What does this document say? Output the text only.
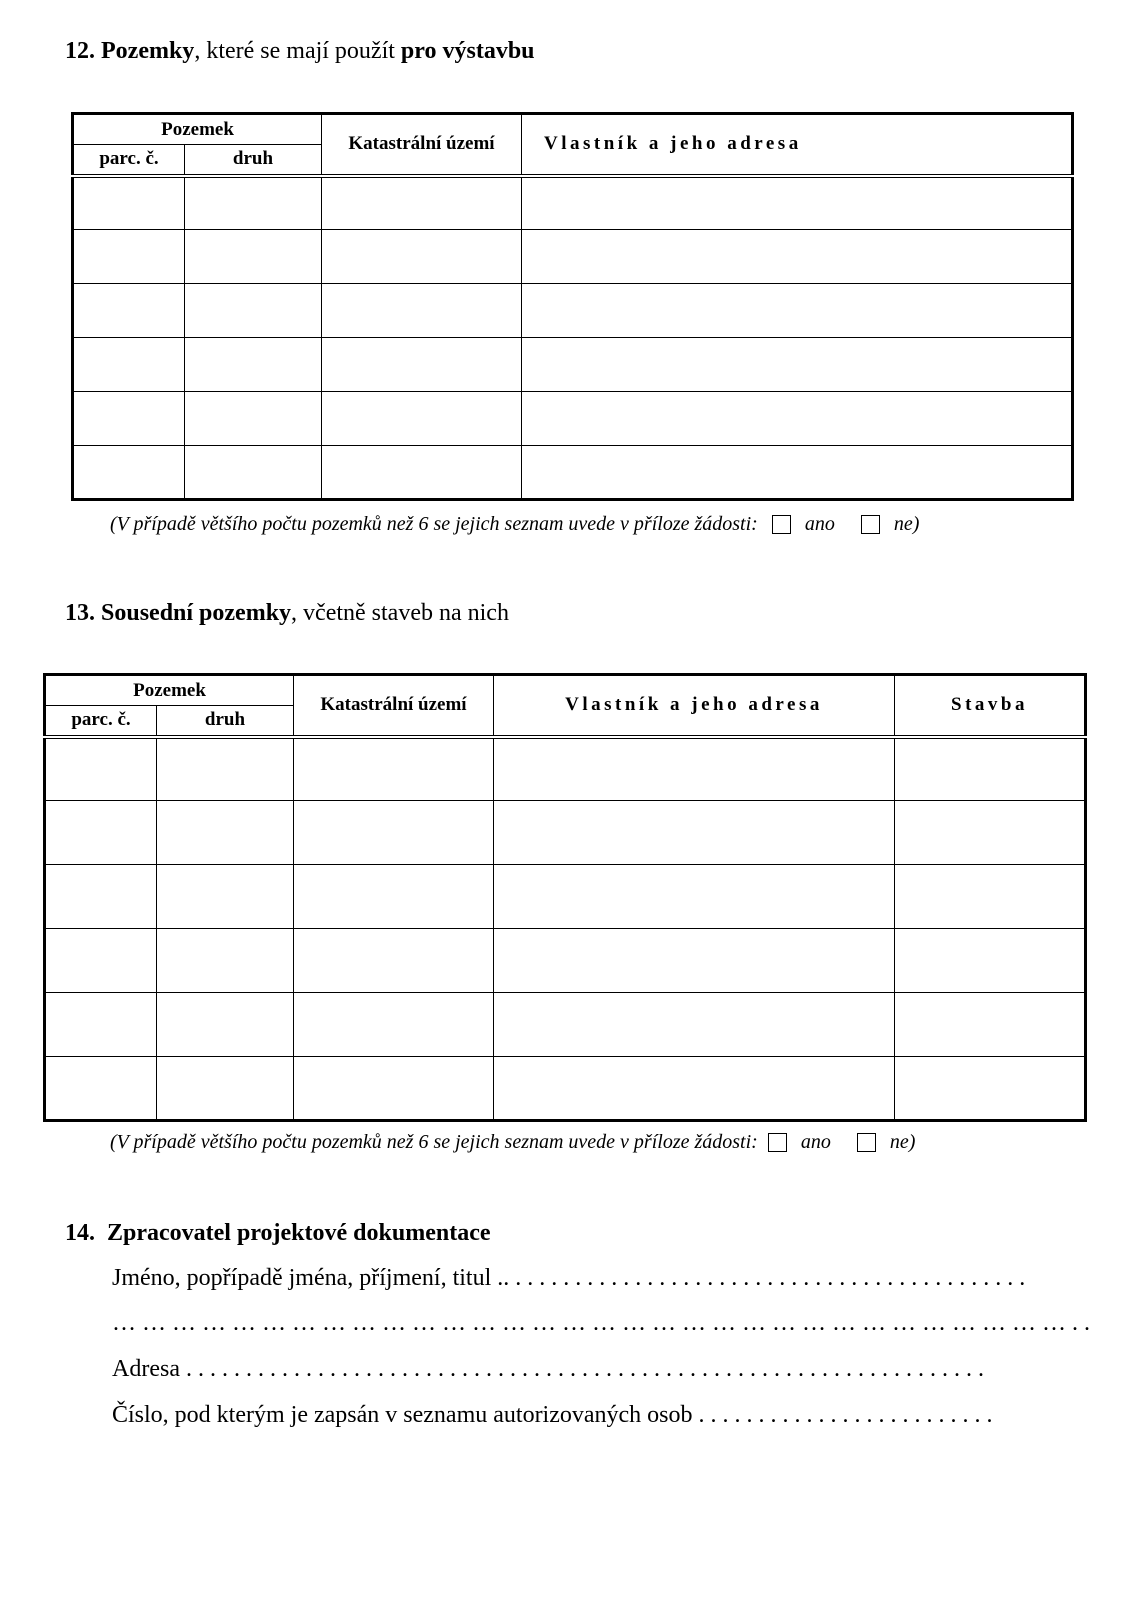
12. Pozemky, které se mají použít pro výstavbu
Pozemek		Katastrální území	Vlastník a jeho adresa
parc. č.	druh		

(V případě většího počtu pozemků než 6 se jejich seznam uvede v příloze žádosti: ano	ne)
13. Sousední pozemky, včetně staveb na nich
Pozemek		Katastrální území	Vlastník a jeho adresa	Stavba
parc. č.	druh			

(V případě většího počtu pozemků než 6 se jejich seznam uvede v příloze žádosti: ano	ne)
14. Zpracovatel projektové dokumentace
Jméno, popřípadě jména, příjmení, titul .. . . . . . . . . . . . . . . . . . . . . . . . . . . . . . . . . . . . . . . . . . . .
… … … … … … … … … … … … … … … … … … … … … … … … … … … … … … … … . .
Adresa . . . . . . . . . . . . . . . . . . . . . . . . . . . . . . . . . . . . . . . . . . . . . . . . . . . . . . . . . . . . . . . . . . .
Číslo, pod kterým je zapsán v seznamu autorizovaných osob . . . . . . . . . . . . . . . . . . . . . . . . .
